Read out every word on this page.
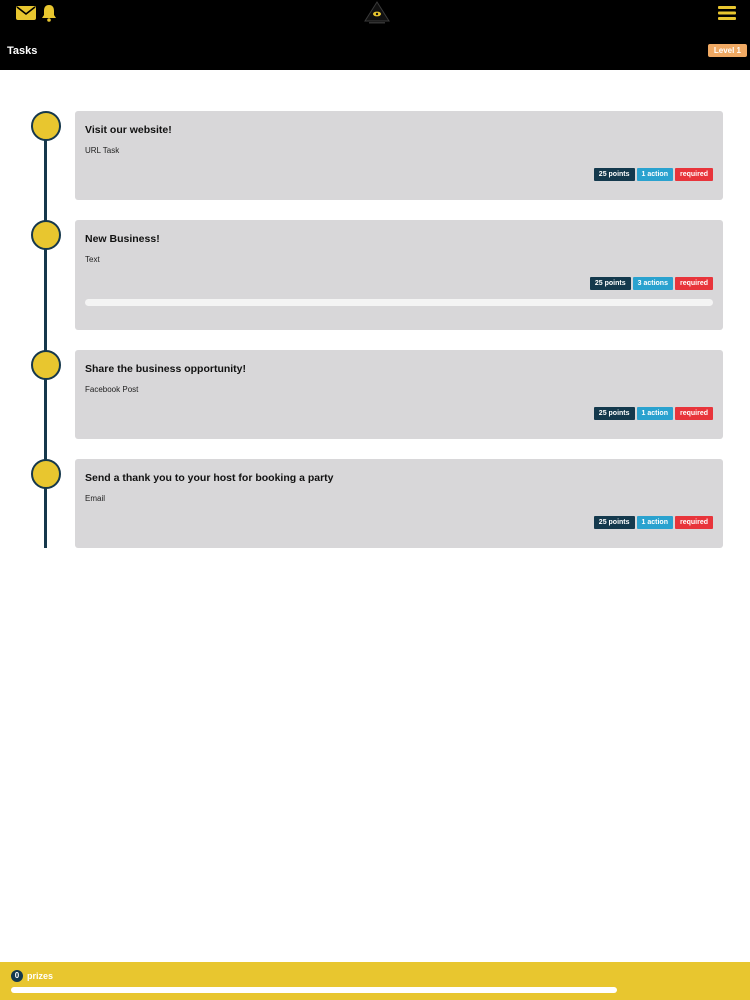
Tasks	Level 1
Visit our website!
URL Task
25 points	1 action	required
New Business!
Text
25 points	3 actions	required
Share the business opportunity!
Facebook Post
25 points	1 action	required
Send a thank you to your host for booking a party
Email
25 points	1 action	required
0 prizes
